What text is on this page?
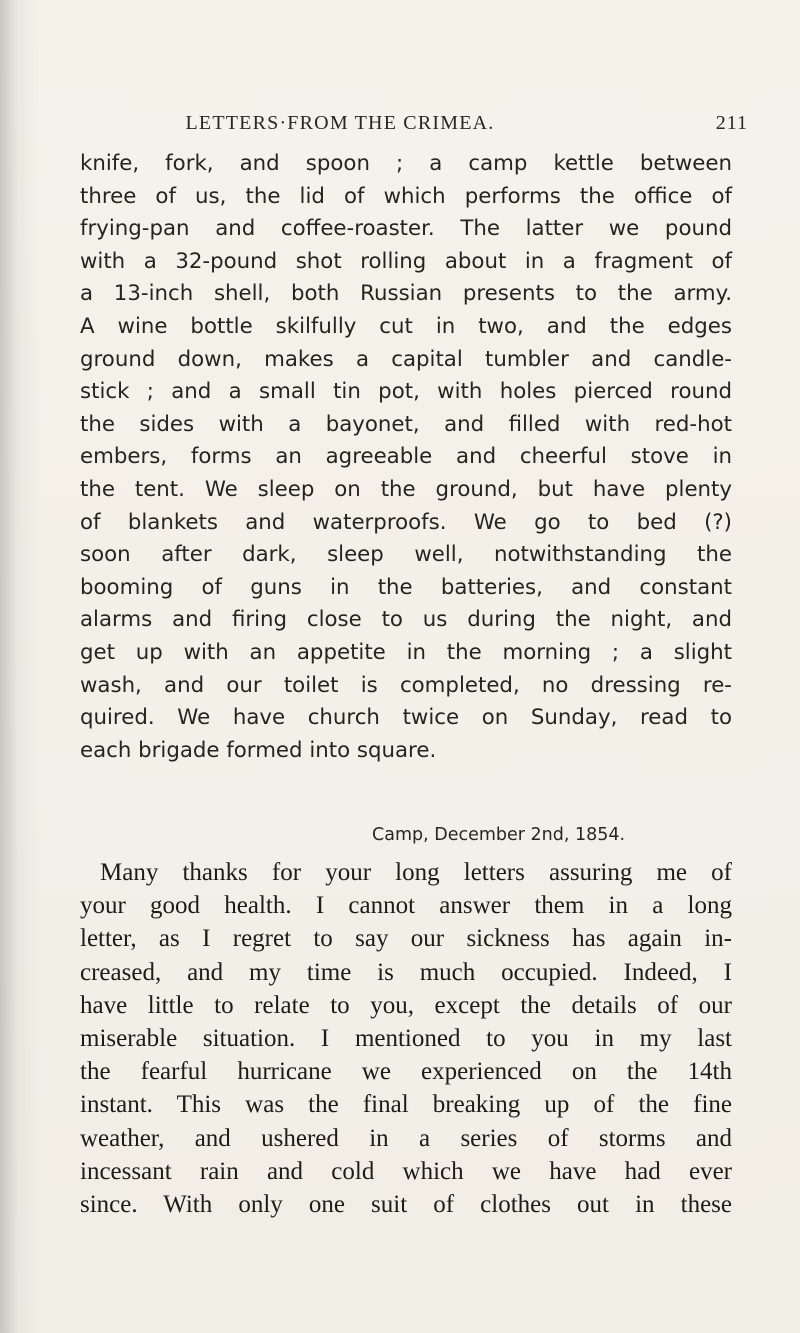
LETTERS·FROM THE CRIMEA.	211
knife, fork, and spoon ; a camp kettle between
three of us, the lid of which performs the office of
frying-pan and coffee-roaster. The latter we pound
with a 32-pound shot rolling about in a fragment of
a 13-inch shell, both Russian presents to the army.
A wine bottle skilfully cut in two, and the edges
ground down, makes a capital tumbler and candle-
stick ; and a small tin pot, with holes pierced round
the sides with a bayonet, and filled with red-hot
embers, forms an agreeable and cheerful stove in
the tent. We sleep on the ground, but have plenty
of blankets and waterproofs. We go to bed (?)
soon after dark, sleep well, notwithstanding the
booming of guns in the batteries, and constant
alarms and firing close to us during the night, and
get up with an appetite in the morning ; a slight
wash, and our toilet is completed, no dressing re-
quired. We have church twice on Sunday, read to
each brigade formed into square.
Camp, December 2nd, 1854.
Many thanks for your long letters assuring me of
your good health. I cannot answer them in a long
letter, as I regret to say our sickness has again in-
creased, and my time is much occupied. Indeed, I
have little to relate to you, except the details of our
miserable situation. I mentioned to you in my last
the fearful hurricane we experienced on the 14th
instant. This was the final breaking up of the fine
weather, and ushered in a series of storms and
incessant rain and cold which we have had ever
since. With only one suit of clothes out in these
